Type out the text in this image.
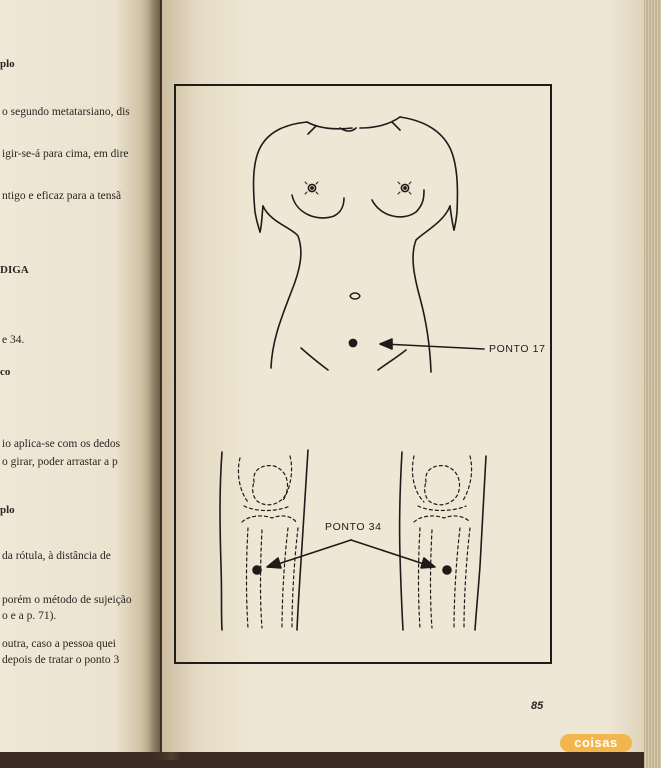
plo
o segundo metatarsiano, dis
igir-se-á para cima, em dire
ntigo e eficaz para a tensã
DIGA
e 34.
co
io aplica-se com os dedos
o girar, poder arrastar a p
plo
da rótula, à distância de
porém o método de sujeição
o e a p. 71).
outra, caso a pessoa quei
depois de tratar o ponto 3
PONTO 17
PONTO 34
85
coisas
